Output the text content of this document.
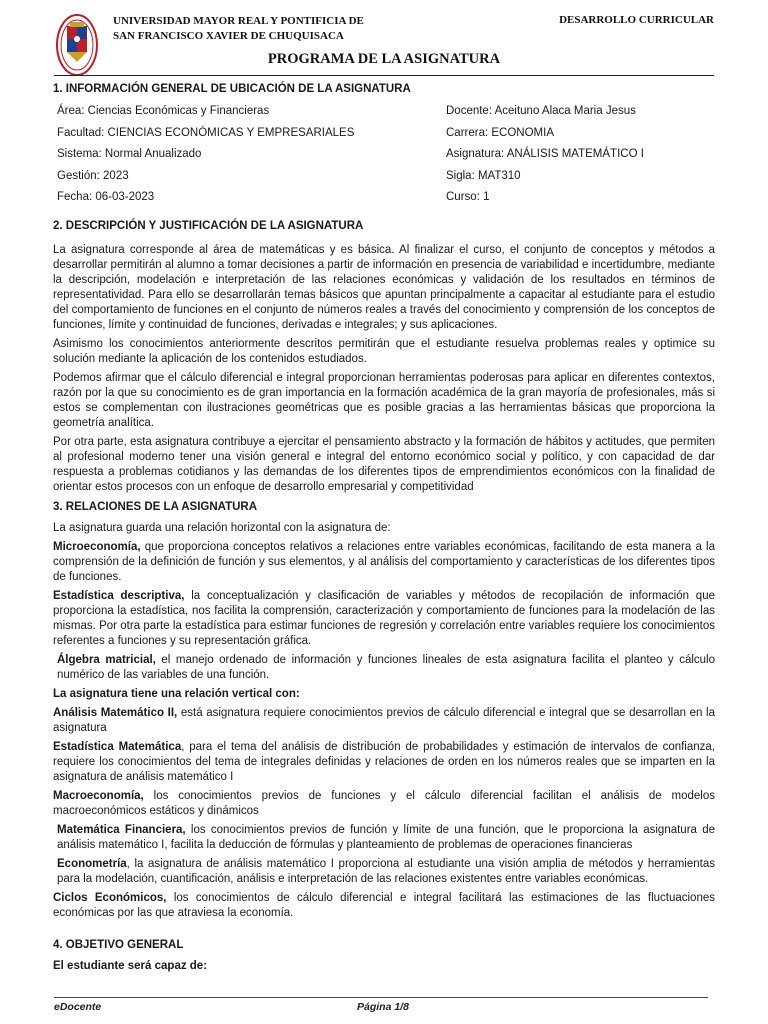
UNIVERSIDAD MAYOR REAL Y PONTIFICIA DE
SAN FRANCISCO XAVIER DE CHUQUISACA
DESARROLLO CURRICULAR
PROGRAMA DE LA ASIGNATURA

1. INFORMACIÓN GENERAL DE UBICACIÓN DE LA ASIGNATURA

Área: Ciencias Económicas y Financieras	Docente: Aceituno Alaca Maria Jesus
Facultad: CIENCIAS ECONÓMICAS Y EMPRESARIALES	Carrera: ECONOMIA
Sistema: Normal Anualizado	Asignatura: ANÁLISIS MATEMÁTICO I
Gestión: 2023	Sigla: MAT310
Fecha: 06-03-2023	Curso: 1

2. DESCRIPCIÓN Y JUSTIFICACIÓN DE LA ASIGNATURA

La asignatura corresponde al área de matemáticas y es básica. Al finalizar el curso, el conjunto de conceptos y métodos a desarrollar permitirán al alumno a tomar decisiones a partir de información en presencia de variabilidad e incertidumbre, mediante la descripción, modelación e interpretación de las relaciones económicas y validación de los resultados en términos de representatividad. Para ello se desarrollarán temas básicos que apuntan principalmente a capacitar al estudiante para el estudio del comportamiento de funciones en el conjunto de números reales a través del conocimiento y comprensión de los conceptos de funciones, límite y continuidad de funciones, derivadas e integrales; y sus aplicaciones.

Asimismo los conocimientos anteriormente descritos permitirán que el estudiante resuelva problemas reales y optimice su solución mediante la aplicación de los contenidos estudiados.

Podemos afirmar que el cálculo diferencial e integral proporcionan herramientas poderosas para aplicar en diferentes contextos, razón por la que su conocimiento es de gran importancia en la formación académica de la gran mayoría de profesionales, más si estos se complementan con ilustraciones geométricas que es posible gracias a las herramientas básicas que proporciona la geometría analítica.

Por otra parte, esta asignatura contribuye a ejercitar el pensamiento abstracto y la formación de hábitos y actitudes, que permiten al profesional moderno tener una visión general e integral del entorno económico social y político, y con capacidad de dar respuesta a problemas cotidianos y las demandas de los diferentes tipos de emprendimientos económicos con la finalidad de orientar estos procesos con un enfoque de desarrollo empresarial y competitividad

3. RELACIONES DE LA ASIGNATURA

La asignatura guarda una relación horizontal con la asignatura de:

Microeconomía, que proporciona conceptos relativos a relaciones entre variables económicas, facilitando de esta manera a la comprensión de la definición de función y sus elementos, y al análisis del comportamiento y características de los diferentes tipos de funciones.

Estadística descriptiva, la conceptualización y clasificación de variables y métodos de recopilación de información que proporciona la estadística, nos facilita la comprensión, caracterización y comportamiento de funciones para la modelación de las mismas. Por otra parte la estadística para estimar funciones de regresión y correlación entre variables requiere los conocimientos referentes a funciones y su representación gráfica.

Álgebra matricial, el manejo ordenado de información y funciones lineales de esta asignatura facilita el planteo y cálculo numérico de las variables de una función.

La asignatura tiene una relación vertical con:

Análisis Matemático II, está asignatura requiere conocimientos previos de cálculo diferencial e integral que se desarrollan en la asignatura

Estadística Matemática, para el tema del análisis de distribución de probabilidades y estimación de intervalos de confianza, requiere los conocimientos del tema de integrales definidas y relaciones de orden en los números reales que se imparten en la asignatura de análisis matemático I

Macroeconomía, los conocimientos previos de funciones y el cálculo diferencial facilitan el análisis de modelos macroeconómicos estáticos y dinámicos

Matemática Financiera, los conocimientos previos de función y límite de una función, que le proporciona la asignatura de análisis matemático I, facilita la deducción de fórmulas y planteamiento de problemas de operaciones financieras

Econometría, la asignatura de análisis matemático I proporciona al estudiante una visión amplia de métodos y herramientas para la modelación, cuantificación, análisis e interpretación de las relaciones existentes entre variables económicas.

Ciclos Económicos, los conocimientos de cálculo diferencial e integral facilitará las estimaciones de las fluctuaciones económicas por las que atraviesa la economía.

4. OBJETIVO GENERAL

El estudiante será capaz de:

eDocente	Página 1/8
